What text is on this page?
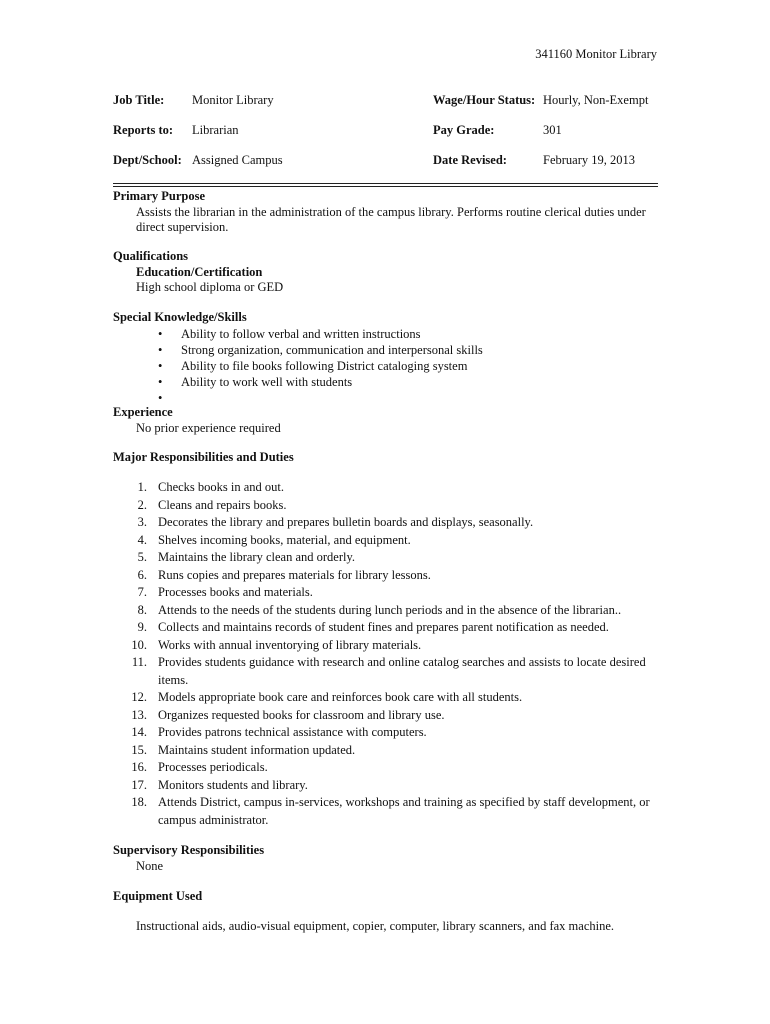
341160 Monitor Library
Job Title: Monitor Library	Wage/Hour Status: Hourly, Non-Exempt
Reports to: Librarian	Pay Grade:	301
Dept/School: Assigned Campus	Date Revised:	February 19, 2013
Primary Purpose
Assists the librarian in the administration of the campus library. Performs routine clerical duties under direct supervision.
Qualifications
Education/Certification
High school diploma or GED
Special Knowledge/Skills
• Ability to follow verbal and written instructions
• Strong organization, communication and interpersonal skills
• Ability to file books following District cataloging system
• Ability to work well with students
•
Experience
No prior experience required
Major Responsibilities and Duties
1. Checks books in and out.
2. Cleans and repairs books.
3. Decorates the library and prepares bulletin boards and displays, seasonally.
4. Shelves incoming books, material, and equipment.
5. Maintains the library clean and orderly.
6. Runs copies and prepares materials for library lessons.
7. Processes books and materials.
8. Attends to the needs of the students during lunch periods and in the absence of the librarian..
9. Collects and maintains records of student fines and prepares parent notification as needed.
10. Works with annual inventorying of library materials.
11. Provides students guidance with research and online catalog searches and assists to locate desired items.
12. Models appropriate book care and reinforces book care with all students.
13. Organizes requested books for classroom and library use.
14. Provides patrons technical assistance with computers.
15. Maintains student information updated.
16. Processes periodicals.
17. Monitors students and library.
18. Attends District, campus in-services, workshops and training as specified by staff development, or campus administrator.
Supervisory Responsibilities
None
Equipment Used
Instructional aids, audio-visual equipment, copier, computer, library scanners, and fax machine.
